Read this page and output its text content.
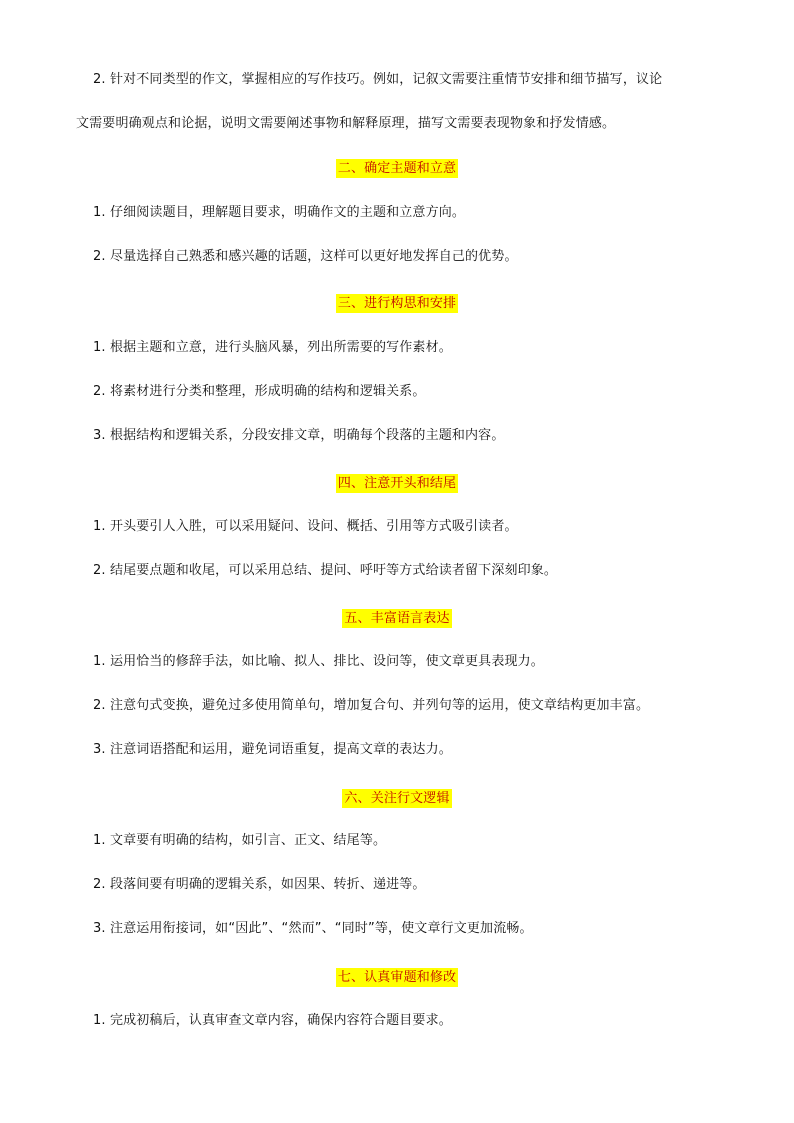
2. 针对不同类型的作文，掌握相应的写作技巧。例如，记叙文需要注重情节安排和细节描写，议论
文需要明确观点和论据，说明文需要阐述事物和解释原理，描写文需要表现物象和抒发情感。
二、确定主题和立意
1. 仔细阅读题目，理解题目要求，明确作文的主题和立意方向。
2. 尽量选择自己熟悉和感兴趣的话题，这样可以更好地发挥自己的优势。
三、进行构思和安排
1. 根据主题和立意，进行头脑风暴，列出所需要的写作素材。
2. 将素材进行分类和整理，形成明确的结构和逻辑关系。
3. 根据结构和逻辑关系，分段安排文章，明确每个段落的主题和内容。
四、注意开头和结尾
1. 开头要引人入胜，可以采用疑问、设问、概括、引用等方式吸引读者。
2. 结尾要点题和收尾，可以采用总结、提问、呼吁等方式给读者留下深刻印象。
五、丰富语言表达
1. 运用恰当的修辞手法，如比喻、拟人、排比、设问等，使文章更具表现力。
2. 注意句式变换，避免过多使用简单句，增加复合句、并列句等的运用，使文章结构更加丰富。
3. 注意词语搭配和运用，避免词语重复，提高文章的表达力。
六、关注行文逻辑
1. 文章要有明确的结构，如引言、正文、结尾等。
2. 段落间要有明确的逻辑关系，如因果、转折、递进等。
3. 注意运用衔接词，如“因此”、“然而”、“同时”等，使文章行文更加流畅。
七、认真审题和修改
1. 完成初稿后，认真审查文章内容，确保内容符合题目要求。
